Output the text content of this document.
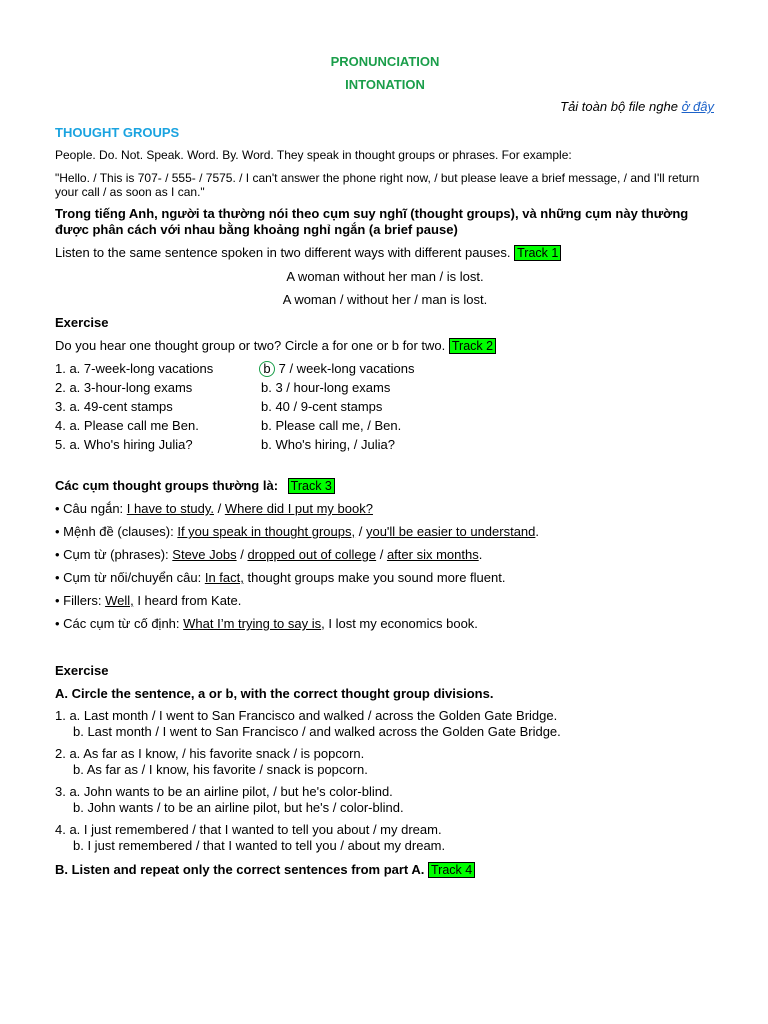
PRONUNCIATION
INTONATION
Tải toàn bộ file nghe ở đây
THOUGHT GROUPS
People. Do. Not. Speak. Word. By. Word. They speak in thought groups or phrases. For example:
"Hello. / This is 707- / 555- / 7575. / I can't answer the phone right now, / but please leave a brief message, / and I'll return your call / as soon as I can."
Trong tiếng Anh, người ta thường nói theo cụm suy nghĩ (thought groups), và những cụm này thường được phân cách với nhau bằng khoảng nghỉ ngắn (a brief pause)
Listen to the same sentence spoken in two different ways with different pauses. Track 1
A woman without her man / is lost.
A woman / without her / man is lost.
Exercise
Do you hear one thought group or two? Circle a for one or b for two. Track 2
1. a. 7-week-long vacations	b 7 / week-long vacations
2. a. 3-hour-long exams	b. 3 / hour-long exams
3. a. 49-cent stamps	b. 40 / 9-cent stamps
4. a. Please call me Ben.	b. Please call me, / Ben.
5. a. Who's hiring Julia?	b. Who's hiring, / Julia?
Các cụm thought groups thường là: Track 3
• Câu ngắn: I have to study. / Where did I put my book?
• Mệnh đề (clauses): If you speak in thought groups, / you'll be easier to understand.
• Cụm từ (phrases): Steve Jobs / dropped out of college / after six months.
• Cụm từ nối/chuyển câu: In fact, thought groups make you sound more fluent.
• Fillers: Well, I heard from Kate.
• Các cụm từ cố định: What I’m trying to say is, I lost my economics book.
Exercise
A. Circle the sentence, a or b, with the correct thought group divisions.
1. a. Last month / I went to San Francisco and walked / across the Golden Gate Bridge.
b. Last month / I went to San Francisco / and walked across the Golden Gate Bridge.
2. a. As far as I know, / his favorite snack / is popcorn.
b. As far as / I know, his favorite / snack is popcorn.
3. a. John wants to be an airline pilot, / but he's color-blind.
b. John wants / to be an airline pilot, but he's / color-blind.
4. a. I just remembered / that I wanted to tell you about / my dream.
b. I just remembered / that I wanted to tell you / about my dream.
B. Listen and repeat only the correct sentences from part A. Track 4
